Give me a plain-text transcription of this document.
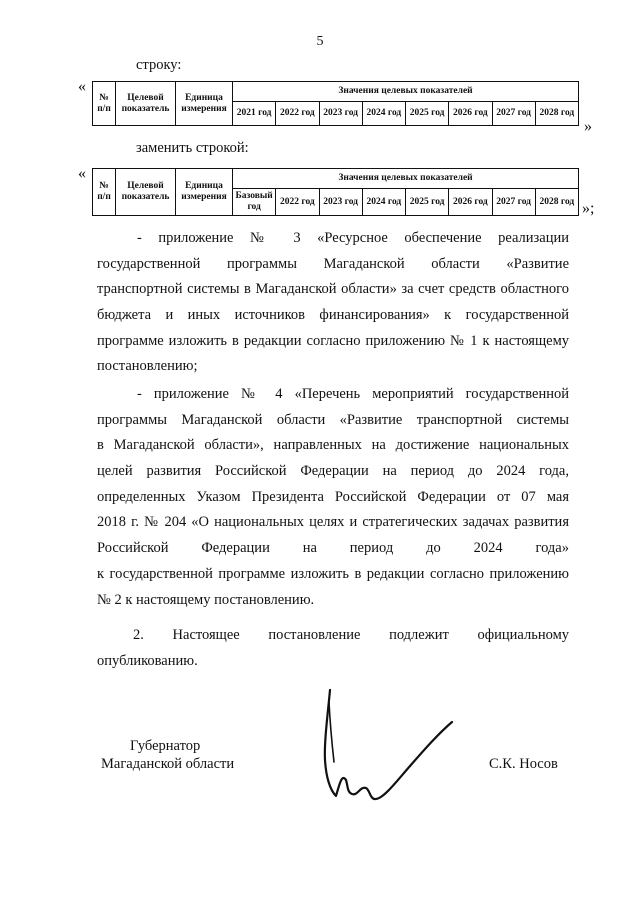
5
строку:
«
№ п/п	Целевой показатель	Единица измерения	Значения целевых показателей							
			2021 год	2022 год	2023 год	2024 год	2025 год	2026 год	2027 год	2028 год
»
заменить строкой:
«
№ п/п	Целевой показатель	Единица измерения	Значения целевых показателей							
			Базовый год	2022 год	2023 год	2024 год	2025 год	2026 год	2027 год	2028 год »;
- приложение № 3 «Ресурсное обеспечение реализации
государственной программы Магаданской области «Развитие
транспортной системы в Магаданской области» за счет средств областного
бюджета и иных источников финансирования» к государственной
программе изложить в редакции согласно приложению № 1 к настоящему
постановлению;
- приложение № 4 «Перечень мероприятий государственной
программы Магаданской области «Развитие транспортной системы
в Магаданской области», направленных на достижение национальных
целей развития Российской Федерации на период до 2024 года,
определенных Указом Президента Российской Федерации от 07 мая
2018 г. № 204 «О национальных целях и стратегических задачах развития
Российской Федерации на период до 2024 года»
к государственной программе изложить в редакции согласно приложению
№ 2 к настоящему постановлению.
2. Настоящее постановление подлежит официальному
опубликованию.
Губернатор
Магаданской области	С.К. Носов
